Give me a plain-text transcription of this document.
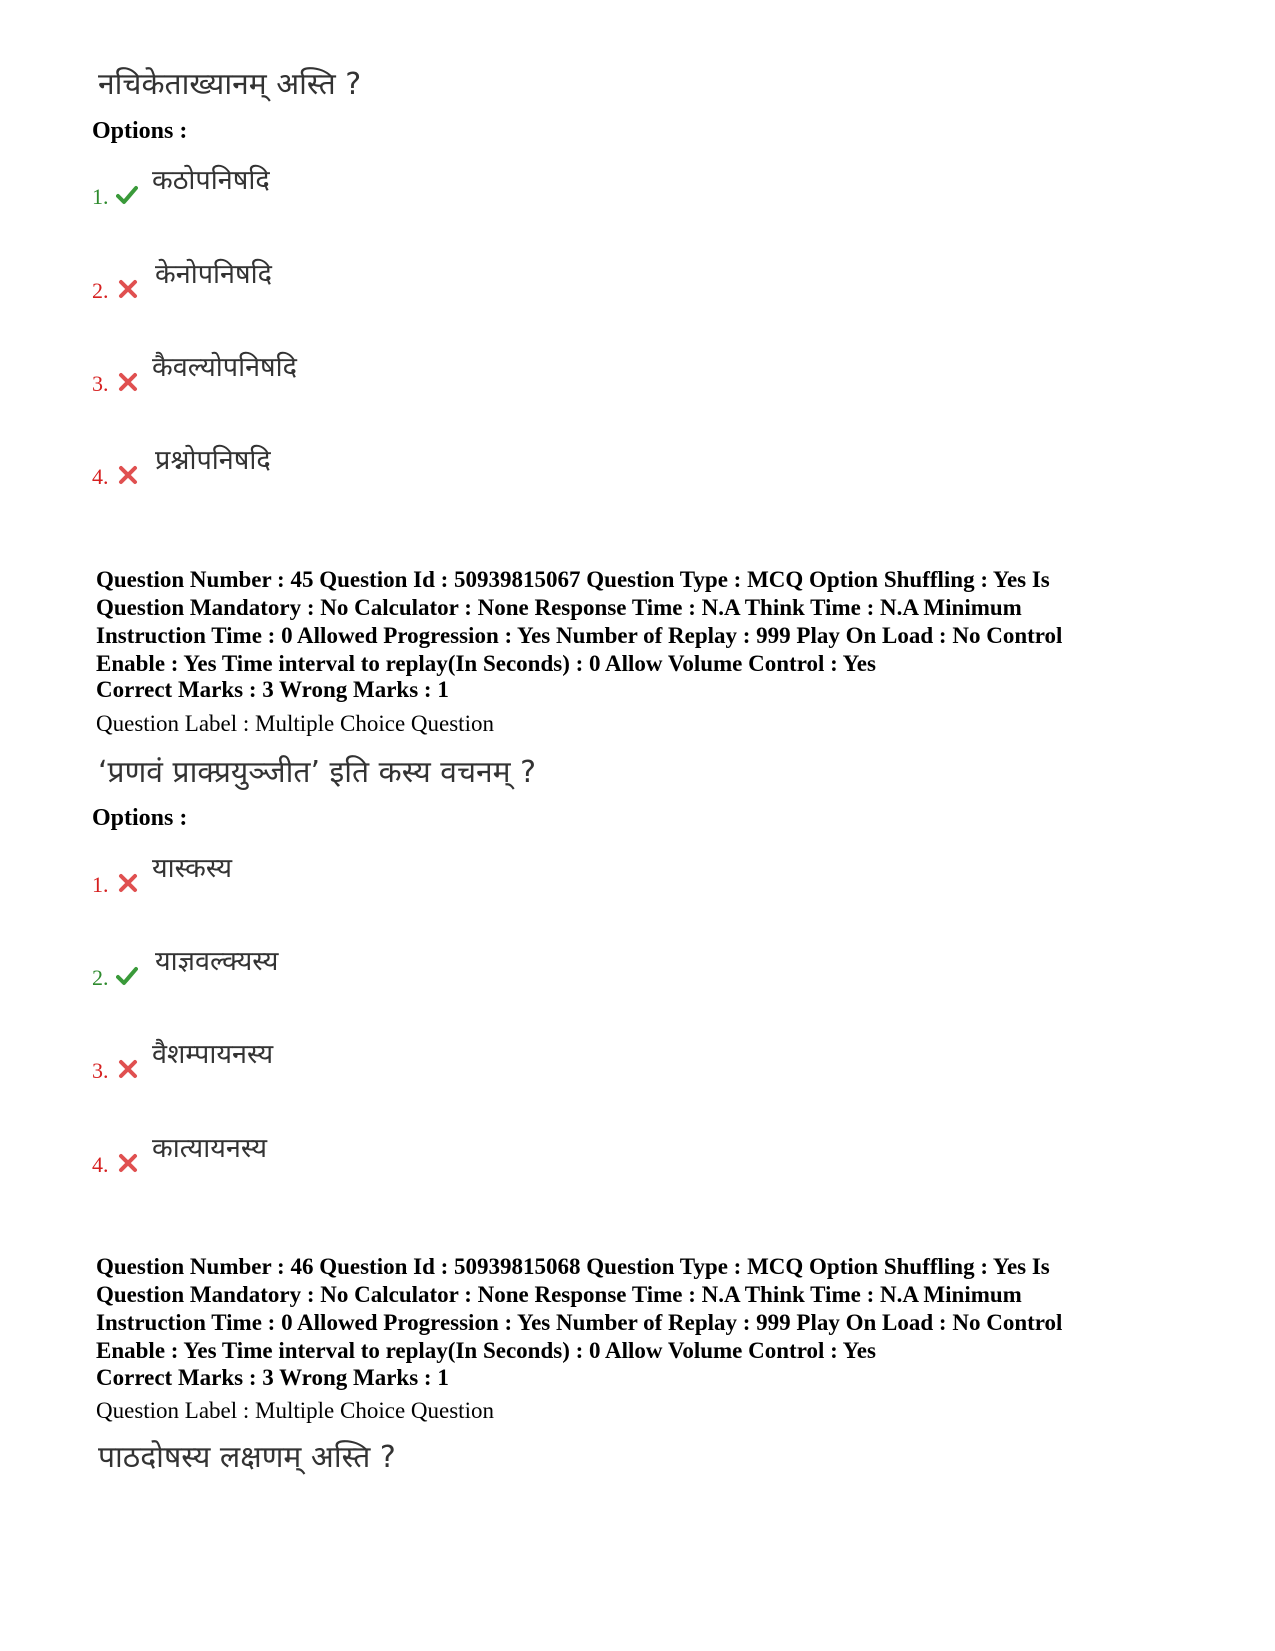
नचिकेताख्यानम् अस्ति ?
Options :
1.
कठोपनिषदि
2.
केनोपनिषदि
3.
कैवल्योपनिषदि
4.
प्रश्नोपनिषदि
Question Number : 45 Question Id : 50939815067 Question Type : MCQ Option Shuffling : Yes Is
Question Mandatory : No Calculator : None Response Time : N.A Think Time : N.A Minimum
Instruction Time : 0 Allowed Progression : Yes Number of Replay : 999 Play On Load : No Control
Enable : Yes Time interval to replay(In Seconds) : 0 Allow Volume Control : Yes
Correct Marks : 3 Wrong Marks : 1
Question Label : Multiple Choice Question
‘प्रणवं प्राक्प्रयुञ्जीत’ इति कस्य वचनम् ?
Options :
1.
यास्कस्य
2.
याज्ञवल्क्यस्य
3.
वैशम्पायनस्य
4.
कात्यायनस्य
Question Number : 46 Question Id : 50939815068 Question Type : MCQ Option Shuffling : Yes Is
Question Mandatory : No Calculator : None Response Time : N.A Think Time : N.A Minimum
Instruction Time : 0 Allowed Progression : Yes Number of Replay : 999 Play On Load : No Control
Enable : Yes Time interval to replay(In Seconds) : 0 Allow Volume Control : Yes
Correct Marks : 3 Wrong Marks : 1
Question Label : Multiple Choice Question
पाठदोषस्य लक्षणम् अस्ति ?
